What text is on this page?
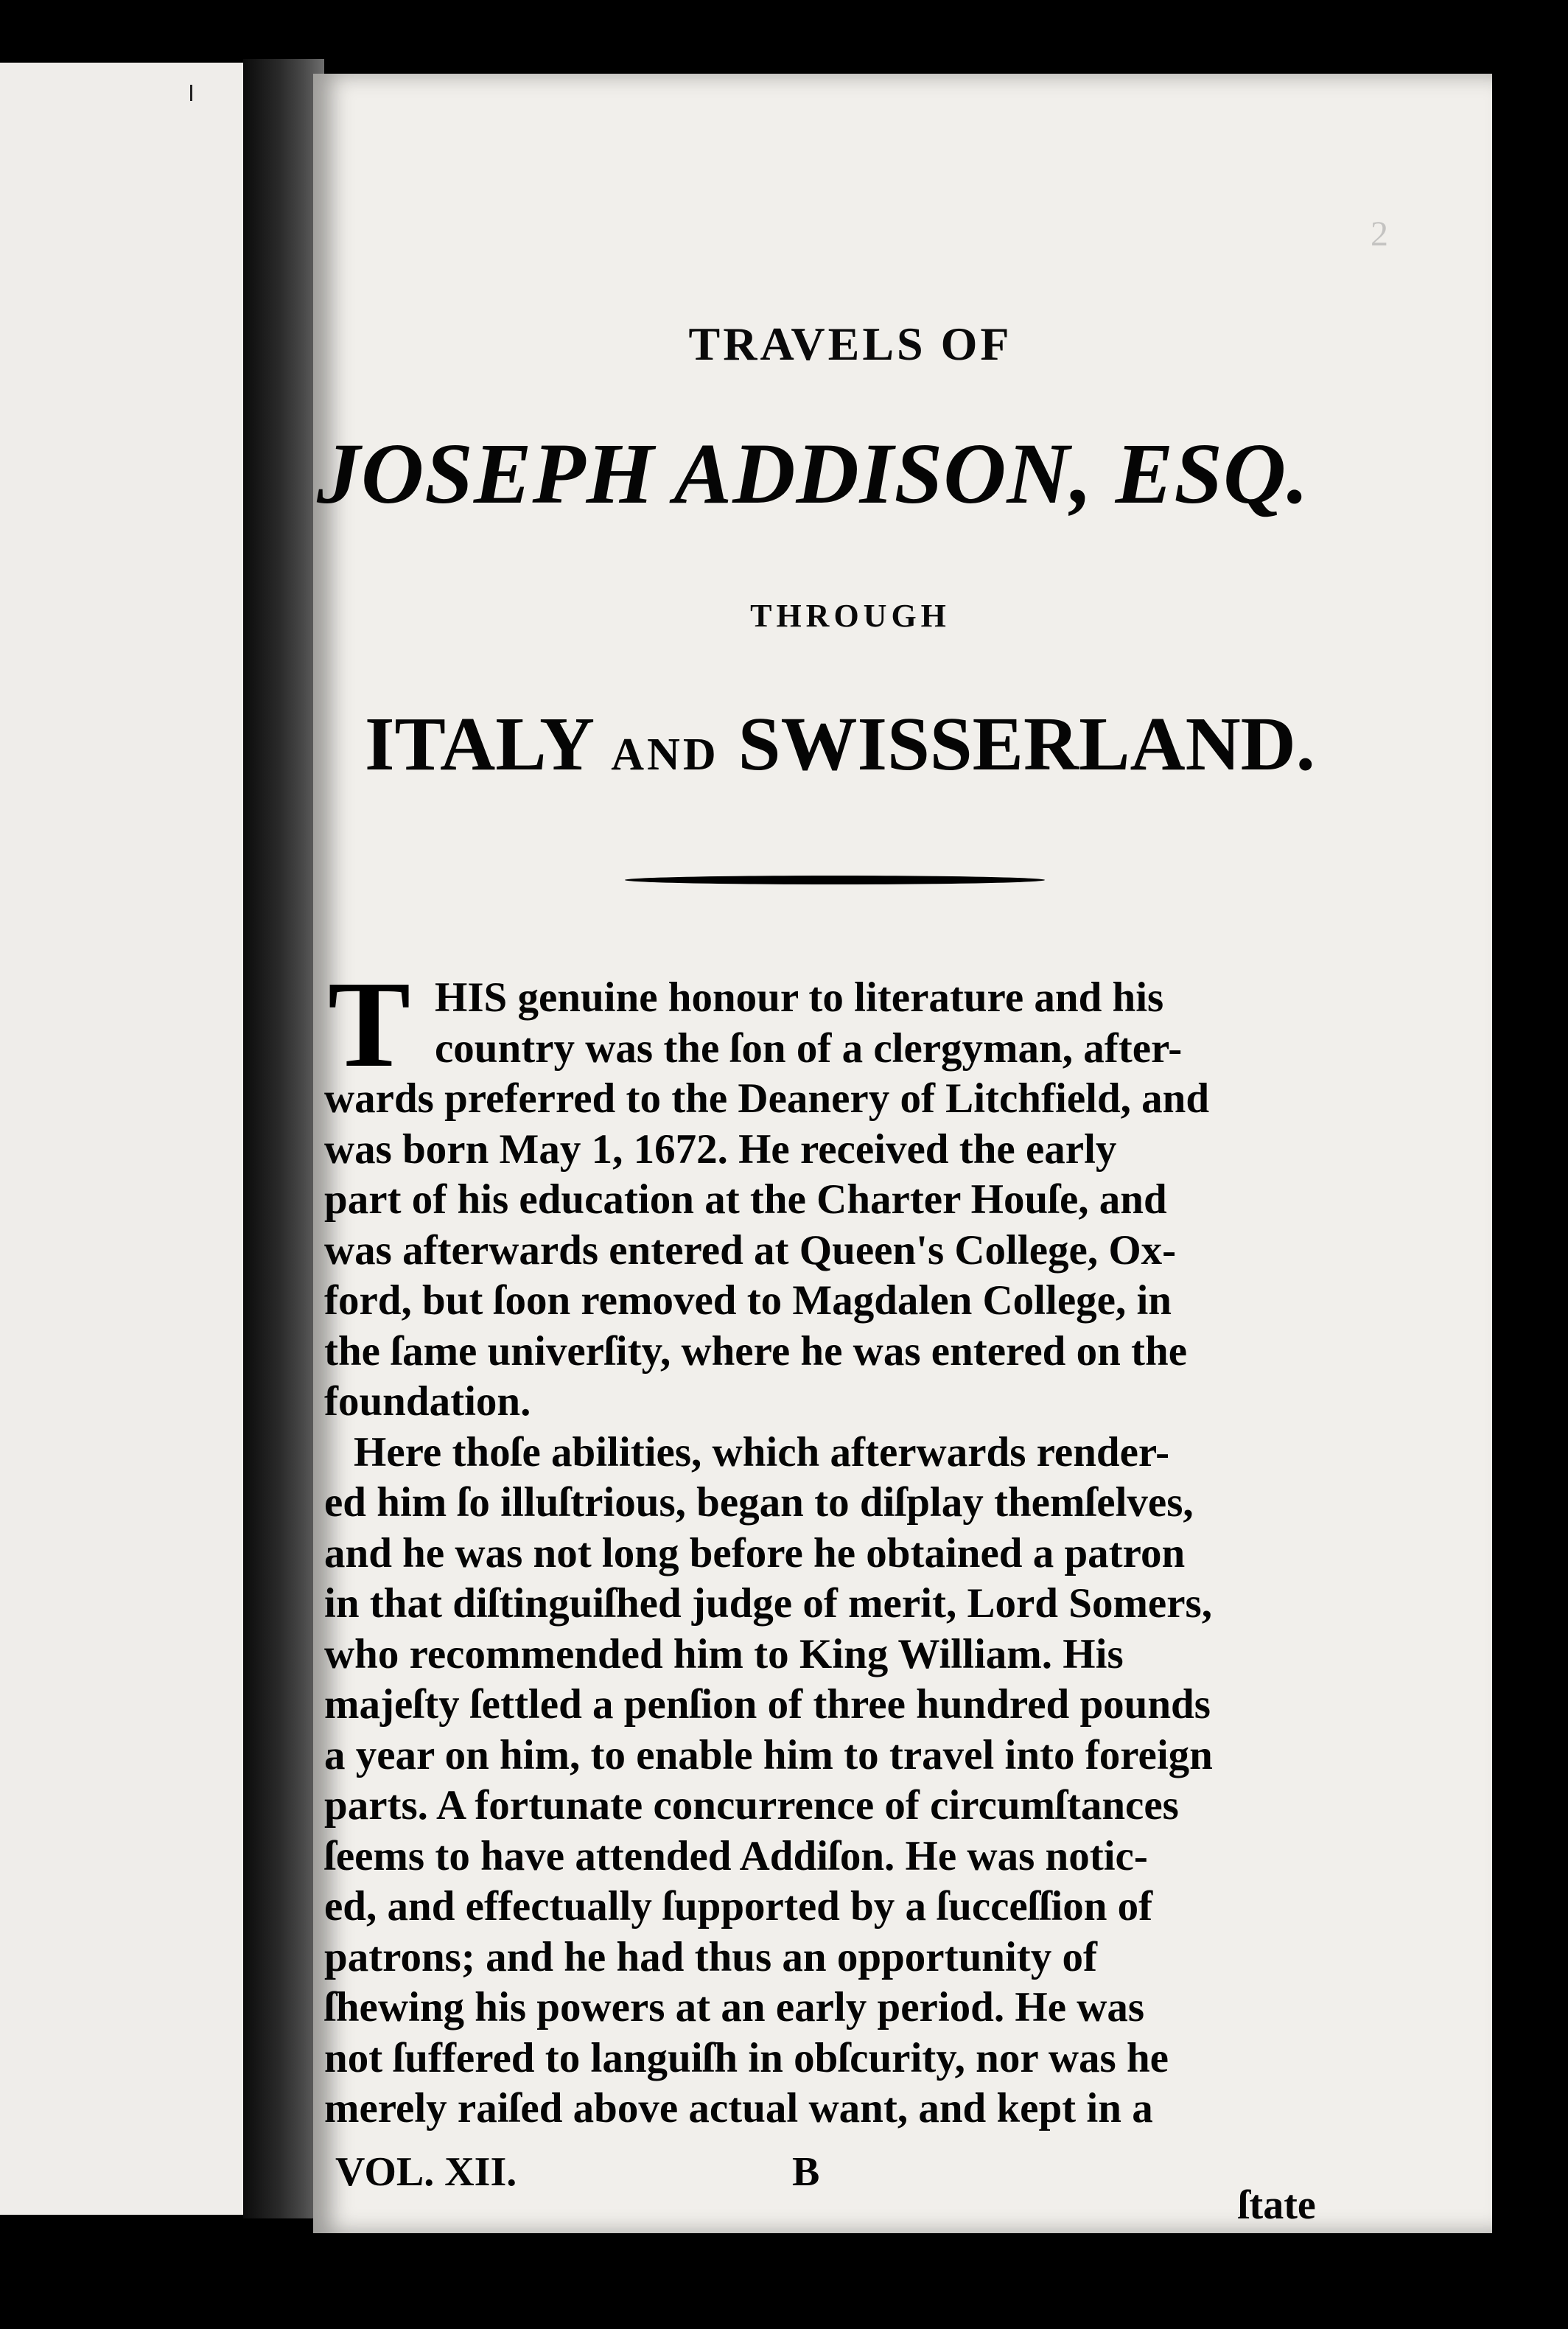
2
TRAVELS OF
JOSEPH ADDISON, ESQ.
THROUGH
ITALY AND SWISSERLAND.
T HIS genuine honour to literature and his
country was the ſon of a clergyman, after-
wards preferred to the Deanery of Litchfield, and
was born May 1, 1672. He received the early
part of his education at the Charter Houſe, and
was afterwards entered at Queen's College, Ox-
ford, but ſoon removed to Magdalen College, in
the ſame univerſity, where he was entered on the
foundation.
Here thoſe abilities, which afterwards render-
ed him ſo illuſtrious, began to diſplay themſelves,
and he was not long before he obtained a patron
in that diſtinguiſhed judge of merit, Lord Somers,
who recommended him to King William. His
majeſty ſettled a penſion of three hundred pounds
a year on him, to enable him to travel into foreign
parts. A fortunate concurrence of circumſtances
ſeems to have attended Addiſon. He was notic-
ed, and effectually ſupported by a ſucceſſion of
patrons; and he had thus an opportunity of
ſhewing his powers at an early period. He was
not ſuffered to languiſh in obſcurity, nor was he
merely raiſed above actual want, and kept in a
VOL. XII.	B
ſtate
